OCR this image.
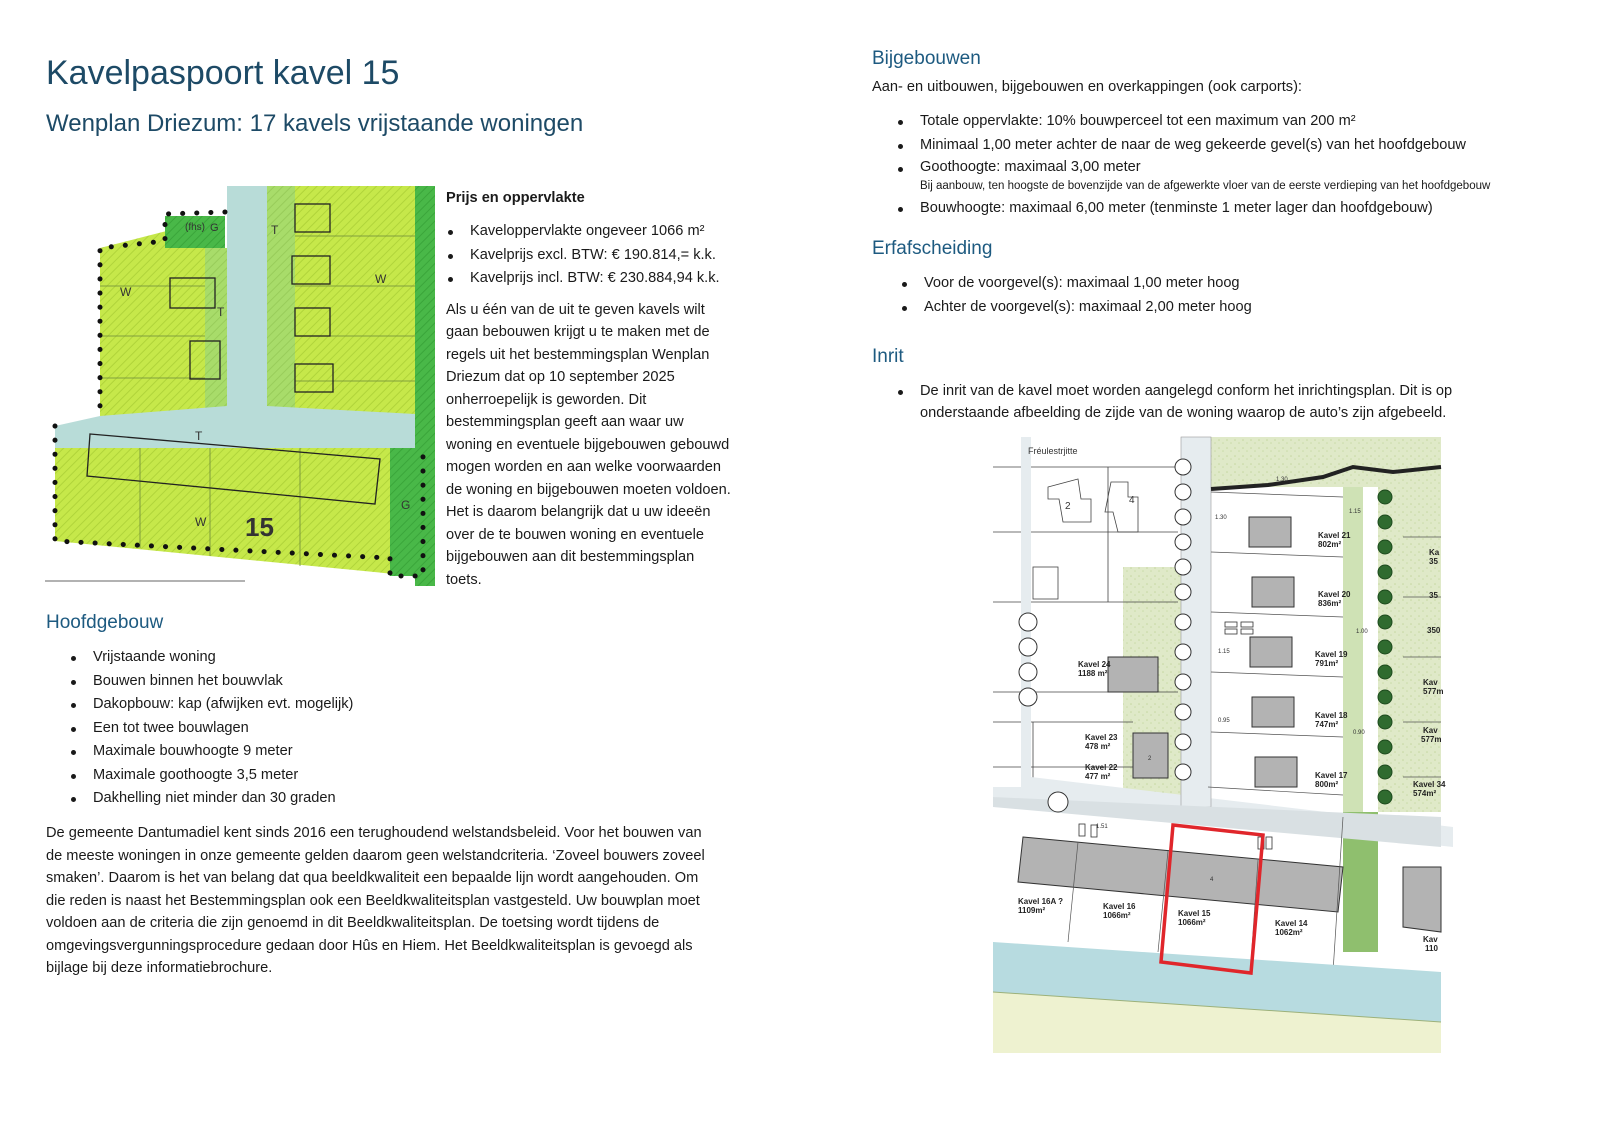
Kavelpaspoort kavel 15
Wenplan Driezum: 17 kavels vrijstaande woningen
(fhs) G	T
W
T
W
T
W
G
15
Prijs en oppervlakte
Kaveloppervlakte ongeveer 1066 m²
Kavelprijs excl. BTW: € 190.814,= k.k.
Kavelprijs incl. BTW: € 230.884,94 k.k.
Als u één van de uit te geven kavels wilt
gaan bebouwen krijgt u te maken met de
regels uit het bestemmingsplan Wenplan
Driezum dat op 10 september 2025
onherroepelijk is geworden. Dit
bestemmingsplan geeft aan waar uw
woning en eventuele bijgebouwen gebouwd
mogen worden en aan welke voorwaarden
de woning en bijgebouwen moeten voldoen.
Het is daarom belangrijk dat u uw ideeën
over de te bouwen woning en eventuele
bijgebouwen aan dit bestemmingsplan
toets.
Hoofdgebouw
Vrijstaande woning
Bouwen binnen het bouwvlak
Dakopbouw: kap (afwijken evt. mogelijk)
Een tot twee bouwlagen
Maximale bouwhoogte 9 meter
Maximale goothoogte 3,5 meter
Dakhelling niet minder dan 30 graden
De gemeente Dantumadiel kent sinds 2016 een terughoudend welstandsbeleid. Voor het bouwen van
de meeste woningen in onze gemeente gelden daarom geen welstandcriteria. ‘Zoveel bouwers zoveel
smaken’. Daarom is het van belang dat qua beeldkwaliteit een bepaalde lijn wordt aangehouden. Om
die reden is naast het Bestemmingsplan ook een Beeldkwaliteitsplan vastgesteld. Uw bouwplan moet
voldoen aan de criteria die zijn genoemd in dit Beeldkwaliteitsplan. De toetsing wordt tijdens de
omgevingsvergunningsprocedure gedaan door Hûs en Hiem. Het Beeldkwaliteitsplan is gevoegd als
bijlage bij deze informatiebrochure.
Bijgebouwen
Aan- en uitbouwen, bijgebouwen en overkappingen (ook carports):
Totale oppervlakte: 10% bouwperceel tot een maximum van 200 m²
Minimaal 1,00 meter achter de naar de weg gekeerde gevel(s) van het hoofdgebouw
Goothoogte: maximaal 3,00 meter
Bij aanbouw, ten hoogste de bovenzijde van de afgewerkte vloer van de eerste verdieping van het hoofdgebouw
Bouwhoogte: maximaal 6,00 meter (tenminste 1 meter lager dan hoofdgebouw)
Erfafscheiding
Voor de voorgevel(s): maximaal 1,00 meter hoog
Achter de voorgevel(s): maximaal 2,00 meter hoog
Inrit
De inrit van de kavel moet worden aangelegd conform het inrichtingsplan. Dit is op
onderstaande afbeelding de zijde van de woning waarop de auto’s zijn afgebeeld.
Fréulestrjitte
2
4
2
4
1.30
1.30
1.15
1.00
1.15
0.95
0.90
1.51
Kavel 21
802m²
Kavel 20
836m²
Kavel 19
791m²
Kavel 18
747m²
Kavel 17
800m²
Kavel 24
1188 m²
Kavel 23
478 m²
Kavel 22
477 m²
Kavel 16A ?
1109m²	Kavel 16
1066m²	Kavel 15
1066m²	Kavel 14
1062m²
Ka
35
35
350
Kav
577m
Kav
577m
Kavel 34
574m²
Kav
110
